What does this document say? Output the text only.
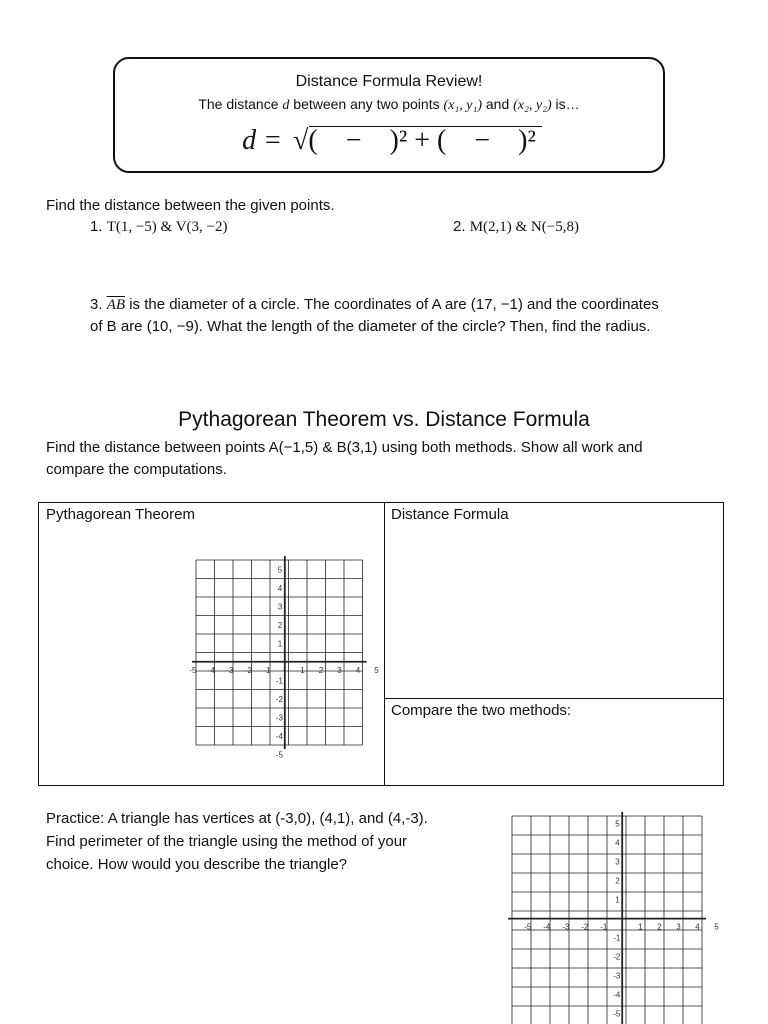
Distance Formula Review!
The distance d between any two points (x₁, y₁) and (x₂, y₂) is…
d = √
(    −    )² + (    −    )²
Find the distance between the given points.
1. T(1, −5) & V(3, −2)	2. M(2,1) & N(−5,8)
3. $\overline{AB}$ is the diameter of a circle. The coordinates of A are (17, −1) and the coordinates
of B are (10, −9). What the length of the diameter of the circle? Then, find the radius.
Pythagorean Theorem vs. Distance Formula
Find the distance between points A(−1,5) & B(3,1) using both methods. Show all work and
compare the computations.
Pythagorean Theorem	Distance Formula
Compare the two methods:
-5 -4 -3 -2 -1	1 2 3 4 5
5
4
3
2
1
-1
-2
-3
-4
-5
Practice: A triangle has vertices at (-3,0), (4,1), and (4,-3).
Find perimeter of the triangle using the method of your
choice. How would you describe the triangle?
-5 -4 -3 -2 -1	1 2 3 4 5
5
4
3
2
1
-1
-2
-3
-4
-5
